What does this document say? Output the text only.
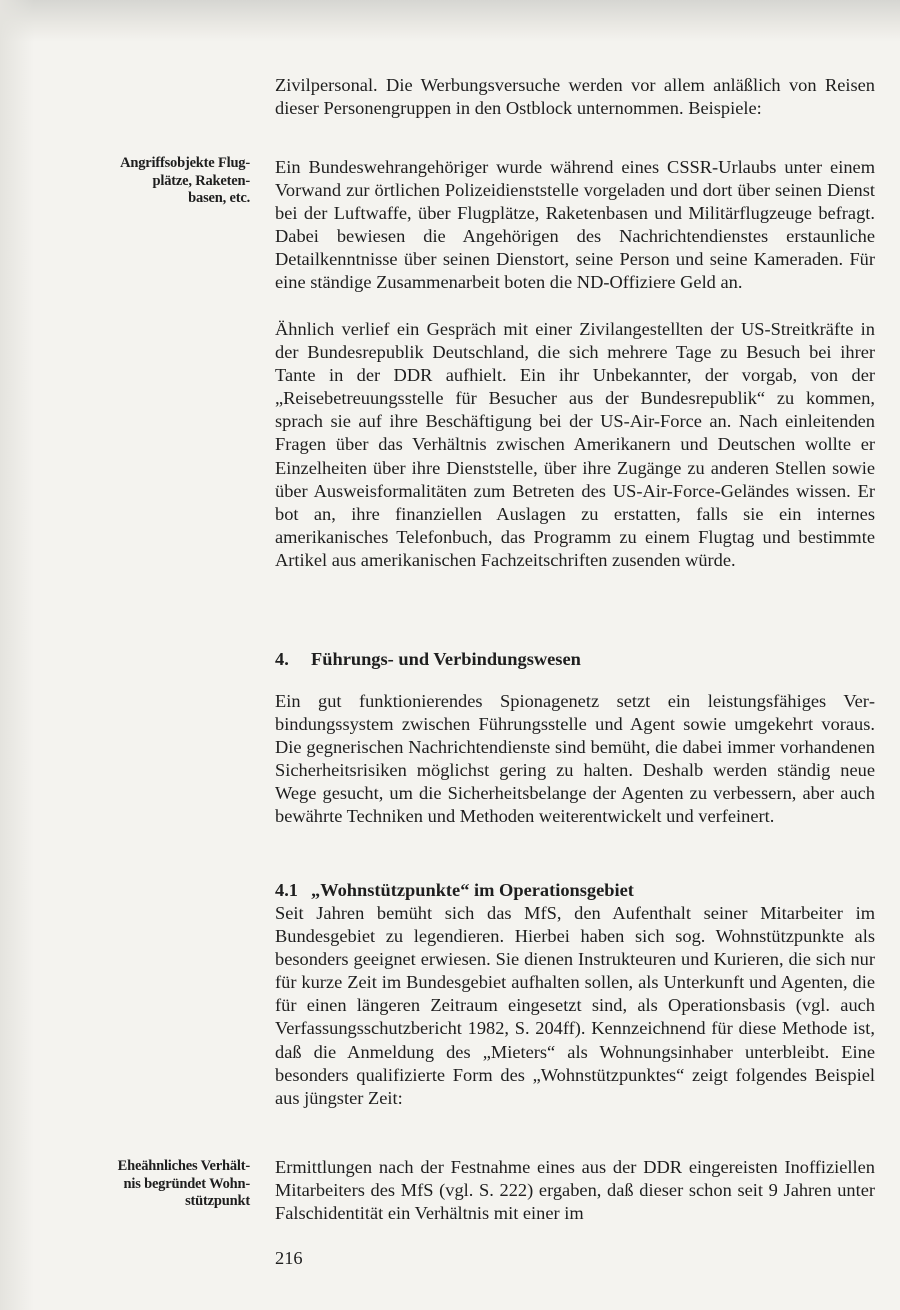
Zivilpersonal. Die Werbungsversuche werden vor allem anläßlich von Reisen dieser Personengruppen in den Ostblock unternommen. Beispiele:

Angriffsobjekte Flug-
plätze, Raketen-
basen, etc.

Ein Bundeswehrangehöriger wurde während eines CSSR-Urlaubs unter einem Vorwand zur örtlichen Polizeidienststelle vorgeladen und dort über seinen Dienst bei der Luftwaffe, über Flugplätze, Raketenbasen und Militärflugzeuge befragt. Dabei bewiesen die Angehörigen des Nachrichtendienstes erstaunliche Detailkenntnisse über seinen Dienstort, seine Person und seine Kameraden. Für eine ständige Zusammenarbeit boten die ND-Offiziere Geld an.

Ähnlich verlief ein Gespräch mit einer Zivilangestellten der US-Streitkräfte in der Bundesrepublik Deutschland, die sich mehrere Tage zu Besuch bei ihrer Tante in der DDR aufhielt. Ein ihr Unbekannter, der vorgab, von der „Reisebetreuungsstelle für Besucher aus der Bundesrepublik“ zu kommen, sprach sie auf ihre Beschäftigung bei der US-Air-Force an. Nach einleitenden Fragen über das Verhältnis zwischen Amerikanern und Deutschen wollte er Einzelheiten über ihre Dienststelle, über ihre Zugänge zu anderen Stellen sowie über Ausweisformalitäten zum Betreten des US-Air-Force-Geländes wissen. Er bot an, ihre finanziellen Auslagen zu erstatten, falls sie ein internes amerikanisches Telefonbuch, das Programm zu einem Flugtag und bestimmte Artikel aus amerikanischen Fachzeitschriften zusenden würde.

4. Führungs- und Verbindungswesen

Ein gut funktionierendes Spionagenetz setzt ein leistungsfähiges Verbindungssystem zwischen Führungsstelle und Agent sowie umgekehrt voraus. Die gegnerischen Nachrichtendienste sind bemüht, die dabei immer vorhandenen Sicherheitsrisiken möglichst gering zu halten. Deshalb werden ständig neue Wege gesucht, um die Sicherheitsbelange der Agenten zu verbessern, aber auch bewährte Techniken und Methoden weiterentwickelt und verfeinert.

4.1 „Wohnstützpunkte“ im Operationsgebiet

Seit Jahren bemüht sich das MfS, den Aufenthalt seiner Mitarbeiter im Bundesgebiet zu legendieren. Hierbei haben sich sog. Wohnstützpunkte als besonders geeignet erwiesen. Sie dienen Instrukteuren und Kurieren, die sich nur für kurze Zeit im Bundesgebiet aufhalten sollen, als Unterkunft und Agenten, die für einen längeren Zeitraum eingesetzt sind, als Operationsbasis (vgl. auch Verfassungsschutzbericht 1982, S. 204ff). Kennzeichnend für diese Methode ist, daß die Anmeldung des „Mieters“ als Wohnungsinhaber unterbleibt. Eine besonders qualifizierte Form des „Wohnstützpunktes“ zeigt folgendes Beispiel aus jüngster Zeit:

Eheähnliches Verhält-
nis begründet Wohn-
stützpunkt

Ermittlungen nach der Festnahme eines aus der DDR eingereisten Inoffiziellen Mitarbeiters des MfS (vgl. S. 222) ergaben, daß dieser schon seit 9 Jahren unter Falschidentität ein Verhältnis mit einer im

216
